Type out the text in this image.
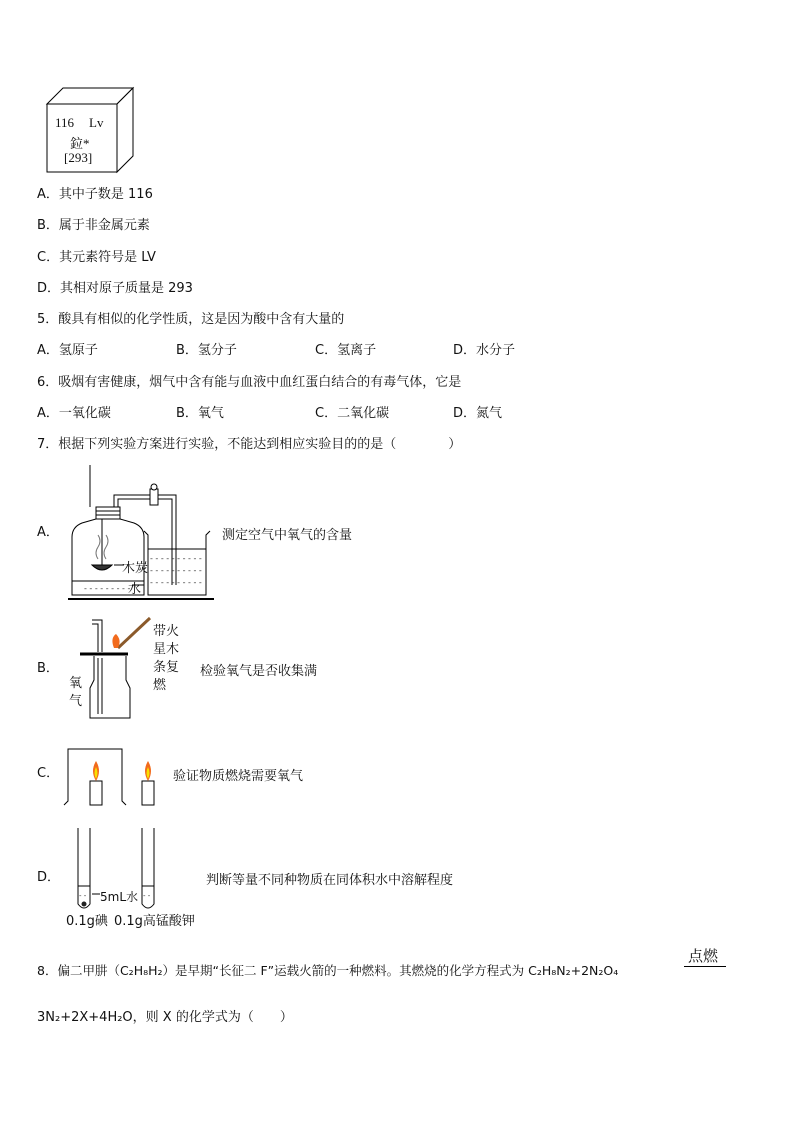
116 Lv
鉝*
[293]
A．其中子数是 116
B．属于非金属元素
C．其元素符号是 LV
D．其相对原子质量是 293
5．酸具有相似的化学性质，这是因为酸中含有大量的
A．氢原子	B．氢分子	C．氢离子	D．水分子
6．吸烟有害健康，烟气中含有能与血液中血红蛋白结合的有毒气体，它是
A．一氧化碳	B．氧气	C．二氧化碳	D．氮气
7．根据下列实验方案进行实验，不能达到相应实验目的的是（　　　　）
A．
- - - - - - - - -
- - - - - - - - - -
- - - - - - - - - -
- - - - - - - - - -
木炭
水
测定空气中氧气的含量
B．
氧
气
带火
星木
条复
燃
检验氧气是否收集满
C．	验证物质燃烧需要氧气
D．
- -	- -
5mL水
0.1g碘 0.1g高锰酸钾
判断等量不同种物质在同体积水中溶解程度
8．偏二甲肼（C₂H₈H₂）是早期“长征二 F”运载火箭的一种燃料。其燃烧的化学方程式为 C₂H₈N₂+2N₂O₄
点燃
3N₂+2X+4H₂O，则 X 的化学式为（　　）
